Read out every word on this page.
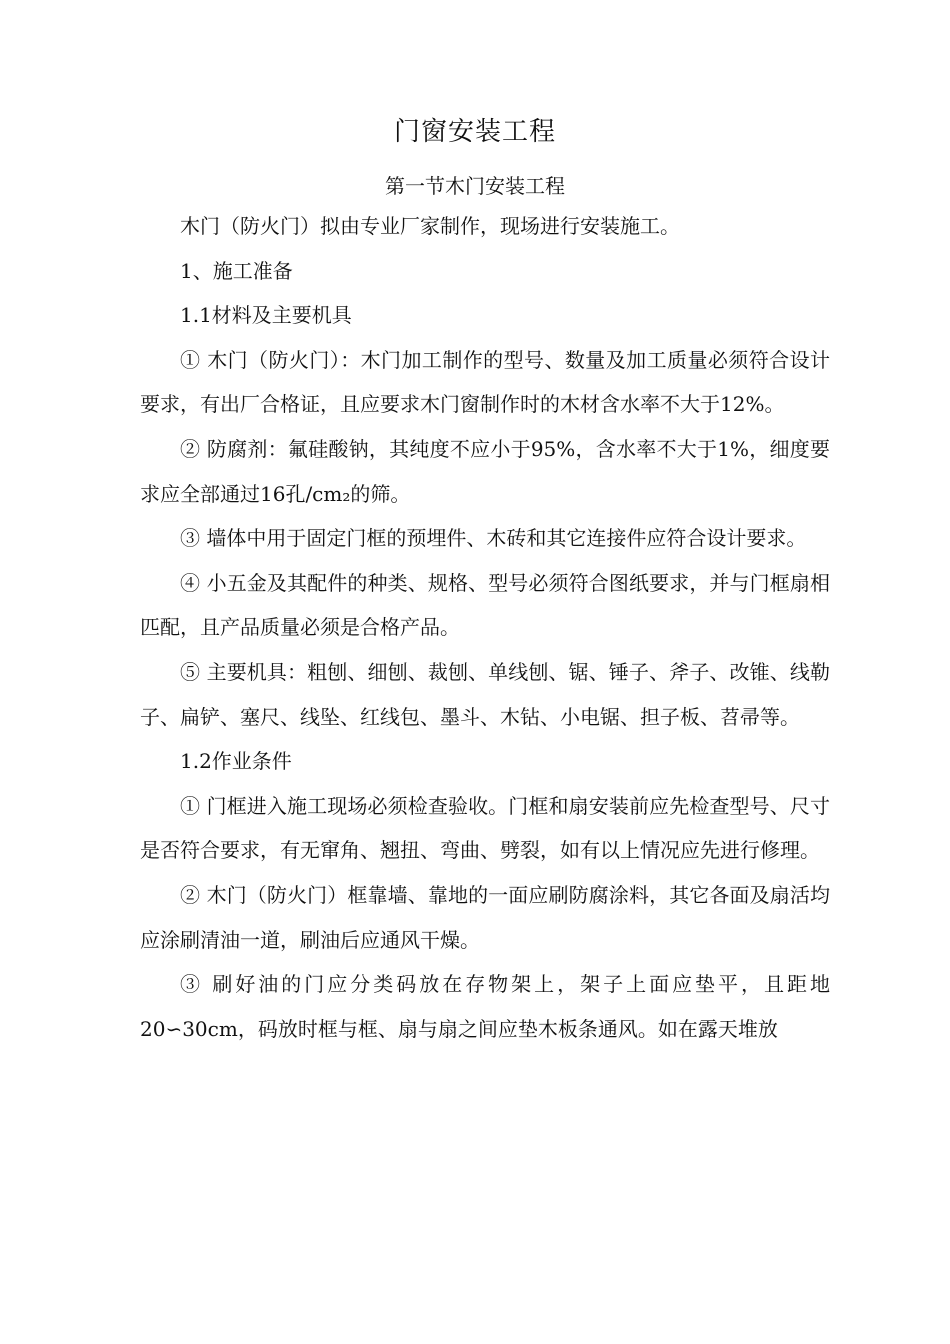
门窗安装工程
第一节木门安装工程

木门（防火门）拟由专业厂家制作，现场进行安装施工。

1、施工准备

1.1材料及主要机具

① 木门（防火门）：木门加工制作的型号、数量及加工质量必须符合设计要求，有出厂合格证，且应要求木门窗制作时的木材含水率不大于12%。

② 防腐剂：氟硅酸钠，其纯度不应小于95%，含水率不大于1%，细度要求应全部通过16孔/cm₂的筛。

③ 墙体中用于固定门框的预埋件、木砖和其它连接件应符合设计要求。

④ 小五金及其配件的种类、规格、型号必须符合图纸要求，并与门框扇相匹配，且产品质量必须是合格产品。

⑤ 主要机具：粗刨、细刨、裁刨、单线刨、锯、锤子、斧子、改锥、线勒子、扁铲、塞尺、线坠、红线包、墨斗、木钻、小电锯、担子板、苕帚等。

1.2作业条件

① 门框进入施工现场必须检查验收。门框和扇安装前应先检查型号、尺寸是否符合要求，有无窜角、翘扭、弯曲、劈裂，如有以上情况应先进行修理。

② 木门（防火门）框靠墙、靠地的一面应刷防腐涂料，其它各面及扇活均应涂刷清油一道，刷油后应通风干燥。

③ 刷好油的门应分类码放在存物架上，架子上面应垫平，且距地20∽30cm，码放时框与框、扇与扇之间应垫木板条通风。如在露天堆放
